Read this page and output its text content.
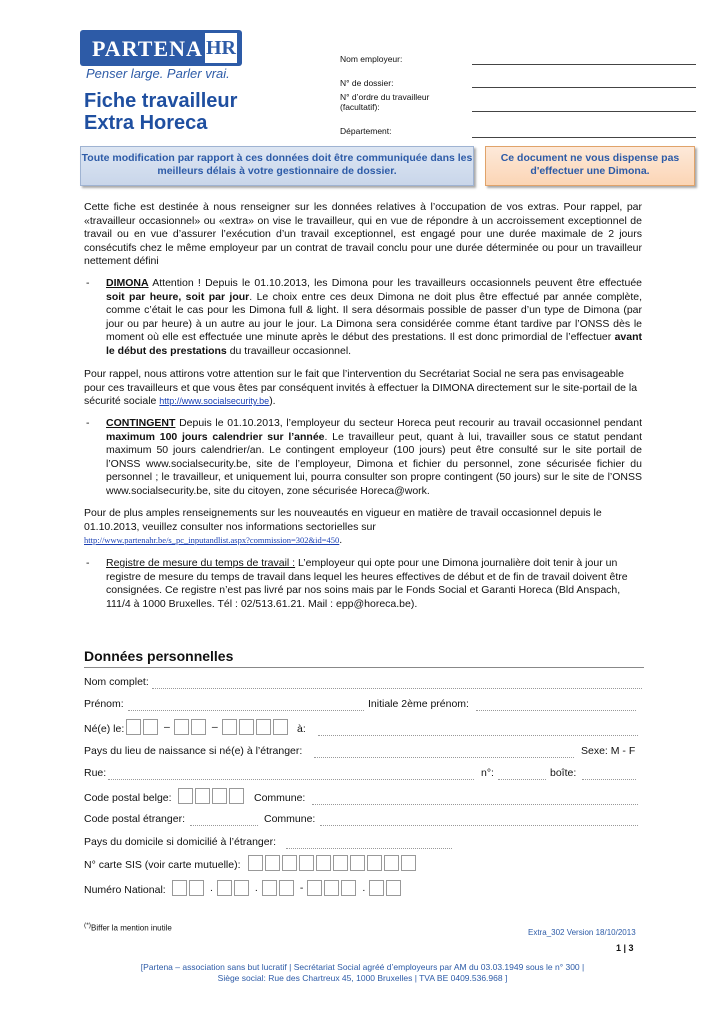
PARTENA HR
Penser large. Parler vrai.
Fiche travailleur
Extra Horeca
Nom employeur:
N° de dossier:
N° d’ordre du travailleur
(facultatif):
Département:
Toute modification par rapport à ces données doit être communiquée dans les meilleurs délais à votre gestionnaire de dossier.
Ce document ne vous dispense pas d'effectuer une Dimona.
Cette fiche est destinée à nous renseigner sur les données relatives à l’occupation de vos extras. Pour rappel, par «travailleur occasionnel» ou «extra» on vise le travailleur, qui en vue de répondre à un accroissement exceptionnel de travail ou en vue d’assurer l’exécution d’un travail exceptionnel, est engagé pour une durée maximale de 2 jours consécutifs chez le même employeur par un contrat de travail conclu pour une durée déterminée ou pour un travailleur nettement défini
- DIMONA Attention ! Depuis le 01.10.2013, les Dimona pour les travailleurs occasionnels peuvent être effectuée soit par heure, soit par jour. Le choix entre ces deux Dimona ne doit plus être effectué par année complète, comme c’était le cas pour les Dimona full & light. Il sera désormais possible de passer d’un type de Dimona (par jour ou par heure) à un autre au jour le jour. La Dimona sera considérée comme étant tardive par l’ONSS dès le moment où elle est effectuée une minute après le début des prestations. Il est donc primordial de l’effectuer avant le début des prestations du travailleur occasionnel.
Pour rappel, nous attirons votre attention sur le fait que l’intervention du Secrétariat Social ne sera pas envisageable pour ces travailleurs et que vous êtes par conséquent invités à effectuer la DIMONA directement sur le site-portail de la sécurité sociale http://www.socialsecurity.be).
- CONTINGENT Depuis le 01.10.2013, l’employeur du secteur Horeca peut recourir au travail occasionnel pendant maximum 100 jours calendrier sur l’année. Le travailleur peut, quant à lui, travailler sous ce statut pendant maximum 50 jours calendrier/an. Le contingent employeur (100 jours) peut être consulté sur le site portail de l’ONSS www.socialsecurity.be, site de l’employeur, Dimona et fichier du personnel, zone sécurisée fichier du personnel ; le travailleur, et uniquement lui, pourra consulter son propre contingent (50 jours) sur le site de l’ONSS www.socialsecurity.be, site du citoyen, zone sécurisée Horeca@work.
Pour de plus amples renseignements sur les nouveautés en vigueur en matière de travail occasionnel depuis le 01.10.2013, veuillez consulter nos informations sectorielles sur
http://www.partenahr.be/s_pc_inputandlist.aspx?commission=302&id=450.
- Registre de mesure du temps de travail : L’employeur qui opte pour une Dimona journalière doit tenir à jour un registre de mesure du temps de travail dans lequel les heures effectives de début et de fin de travail doivent être consignées. Ce registre n’est pas livré par nos soins mais par le Fonds Social et Garanti Horeca (Bld Anspach, 111/4 à 1000 Bruxelles. Tél : 02/513.61.21. Mail : epp@horeca.be).
Données personnelles
Nom complet:
Prénom:	Initiale 2ème prénom:
Né(e) le:	–	–	à:
Pays du lieu de naissance si né(e) à l’étranger:	Sexe: M - F
Rue:	n°:	boîte:
Code postal belge:	Commune:
Code postal étranger:	Commune:
Pays du domicile si domicilié à l’étranger:
N° carte SIS (voir carte mutuelle):
Numéro National:	.	.	-	.
(*)Biffer la mention inutile	Extra_302 Version 18/10/2013
1 | 3
[Partena – association sans but lucratif | Secrétariat Social agréé d’employeurs par AM du 03.03.1949 sous le n° 300 |
Siège social: Rue des Chartreux 45, 1000 Bruxelles | TVA BE 0409.536.968 ]
